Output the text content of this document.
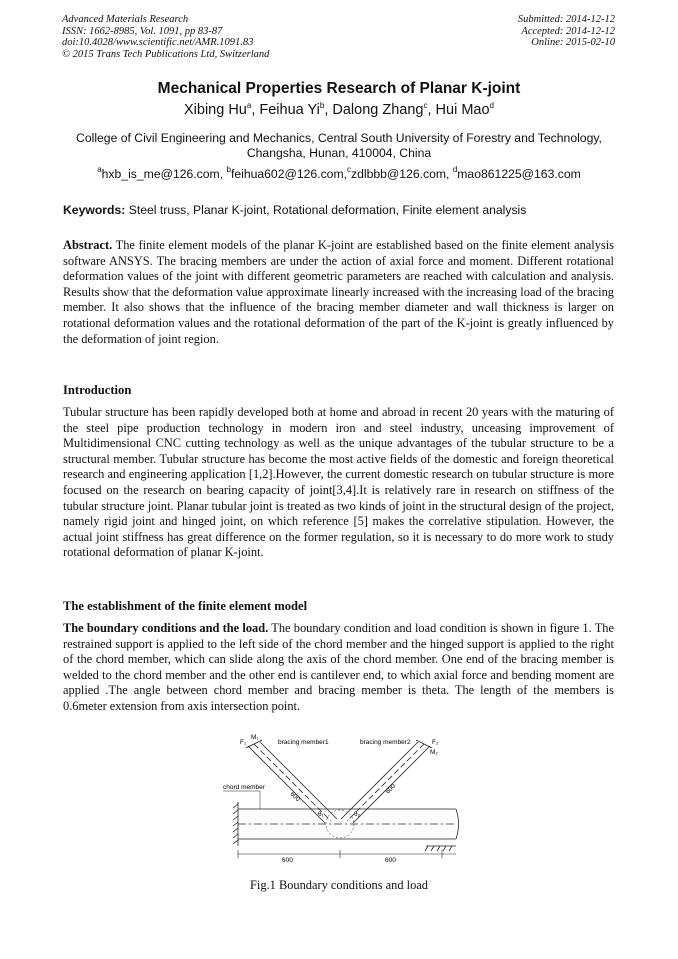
Advanced Materials Research
ISSN: 1662-8985, Vol. 1091, pp 83-87
doi:10.4028/www.scientific.net/AMR.1091.83
© 2015 Trans Tech Publications Ltd, Switzerland
Submitted: 2014-12-12
Accepted: 2014-12-12
Online: 2015-02-10
Mechanical Properties Research of Planar K-joint
Xibing Hu$^a$, Feihua Yi$^b$, Dalong Zhang$^c$, Hui Mao$^d$
College of Civil Engineering and Mechanics, Central South University of Forestry and Technology,
Changsha, Hunan, 410004, China
$^a$hxb_is_me@126.com, $^b$feihua602@126.com,$^c$zdlbbb@126.com, $^d$mao861225@163.com
Keywords: Steel truss, Planar K-joint, Rotational deformation, Finite element analysis
Abstract. The finite element models of the planar K-joint are established based on the finite element analysis software ANSYS. The bracing members are under the action of axial force and moment. Different rotational deformation values of the joint with different geometric parameters are reached with calculation and analysis. Results show that the deformation value approximate linearly increased with the increasing load of the bracing member. It also shows that the influence of the bracing member diameter and wall thickness is larger on rotational deformation values and the rotational deformation of the part of the K-joint is greatly influenced by the deformation of joint region.
Introduction
Tubular structure has been rapidly developed both at home and abroad in recent 20 years with the maturing of the steel pipe production technology in modern iron and steel industry, unceasing improvement of Multidimensional CNC cutting technology as well as the unique advantages of the tubular structure to be a structural member. Tubular structure has become the most active fields of the domestic and foreign theoretical research and engineering application [1,2].However, the current domestic research on tubular structure is more focused on the research on bearing capacity of joint[3,4].It is relatively rare in research on stiffness of the tubular structure joint. Planar tubular joint is treated as two kinds of joint in the structural design of the project, namely rigid joint and hinged joint, on which reference [5] makes the correlative stipulation. However, the actual joint stiffness has great difference on the former regulation, so it is necessary to do more work to study rotational deformation of planar K-joint.
The establishment of the finite element model
The boundary conditions and the load. The boundary condition and load condition is shown in figure 1. The restrained support is applied to the left side of the chord member and the hinged support is applied to the right of the chord member, which can slide along the axis of the chord member. One end of the bracing member is welded to the chord member and the other end is cantilever end, to which axial force and bending moment are applied .The angle between chord member and bracing member is theta. The length of the members is 0.6meter extension from axis intersection point.
bracing member1	bracing member2
chord member
600	600
600
600
F₁
M₁
F₂
M₂
θ₁	θ₂
Fig.1 Boundary conditions and load
